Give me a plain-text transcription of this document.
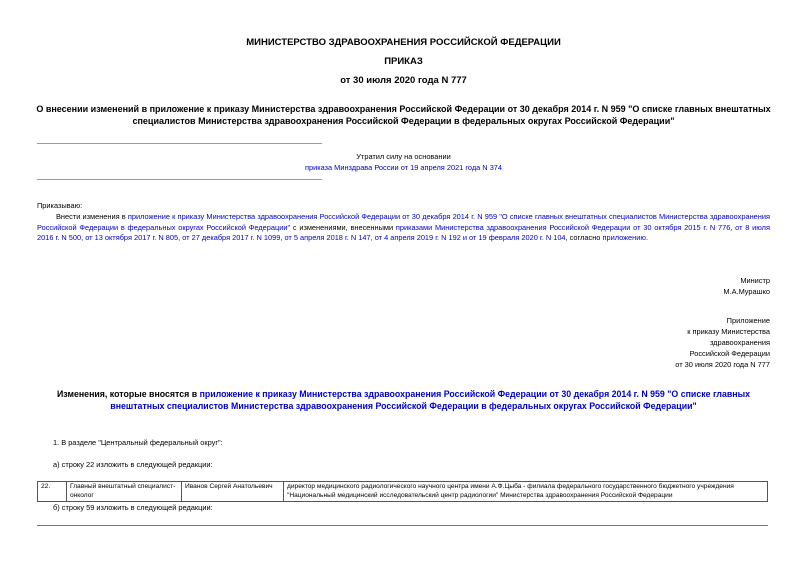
МИНИСТЕРСТВО ЗДРАВООХРАНЕНИЯ РОССИЙСКОЙ ФЕДЕРАЦИИ
ПРИКАЗ
от 30 июля 2020 года N 777
О внесении изменений в приложение к приказу Министерства здравоохранения Российской Федерации от 30 декабря 2014 г. N 959 "О списке главных внештатных
специалистов Министерства здравоохранения Российской Федерации в федеральных округах Российской Федерации"
Утратил силу на основании
приказа Минздрава России от 19 апреля 2021 года N 374
Приказываю:
Внести изменения в приложение к приказу Министерства здравоохранения Российской Федерации от 30 декабря 2014 г. N 959 "О списке главных внештатных специалистов Министерства здравоохранения Российской Федерации в федеральных округах Российской Федерации" с изменениями, внесенными приказами Министерства здравоохранения Российской Федерации от 30 октября 2015 г. N 776, от 8 июля 2016 г. N 500, от 13 октября 2017 г. N 805, от 27 декабря 2017 г. N 1099, от 5 апреля 2018 г. N 147, от 4 апреля 2019 г. N 192 и от 19 февраля 2020 г. N 104, согласно приложению.
Министр
М.А.Мурашко
Приложение
к приказу Министерства
здравоохранения
Российской Федерации
от 30 июля 2020 года N 777
Изменения, которые вносятся в приложение к приказу Министерства здравоохранения Российской Федерации от 30 декабря 2014 г. N 959 "О списке главных
внештатных специалистов Министерства здравоохранения Российской Федерации в федеральных округах Российской Федерации"
1. В разделе "Центральный федеральный округ":
а) строку 22 изложить в следующей редакции:
22.	Главный внештатный специалист-онколог	Иванов Сергей Анатольевич	директор медицинского радиологического научного центра имени А.Ф.Цыба - филиала федерального государственного бюджетного учреждения "Национальный медицинский исследовательский центр радиологии" Министерства здравоохранения Российской Федерации
б) строку 59 изложить в следующей редакции:
